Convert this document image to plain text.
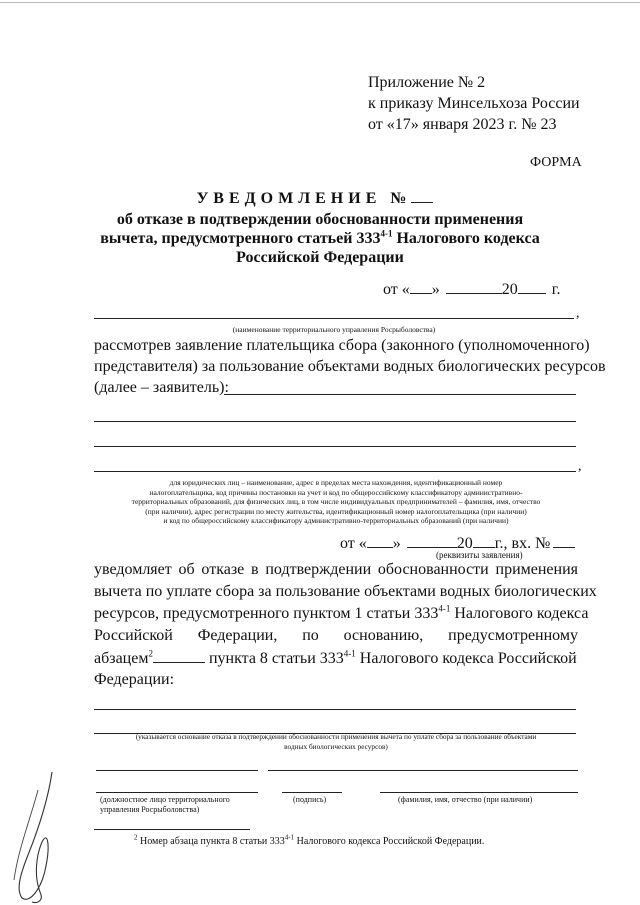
Приложение № 2
к приказу Минсельхоза России
от «17» января 2023 г. № 23
ФОРМА
УВЕДОМЛЕНИЕ №
об отказе в подтверждении обоснованности применения
вычета, предусмотренного статьей 333$^{4-1}$ Налогового кодекса
Российской Федерации
от « »	20 г.
,
(наименование территориального управления Росрыболовства)
рассмотрев заявление плательщика сбора (законного (уполномоченного)
представителя) за пользование объектами водных биологических ресурсов
(далее – заявитель):
,
для юридических лиц – наименование, адрес в пределах места нахождения, идентификационный номер
налогоплательщика, код причины постановки на учет и код по общероссийскому классификатору административно-
территориальных образований, для физических лиц, в том числе индивидуальных предпринимателей – фамилия, имя, отчество
(при наличии), адрес регистрации по месту жительства, идентификационный номер налогоплательщика (при наличии)
и код по общероссийскому классификатору административно-территориальных образований (при наличии)
от « »	20 г., вх. №
(реквизиты заявления)
уведомляет об отказе в подтверждении обоснованности применения
вычета по уплате сбора за пользование объектами водных биологических
ресурсов, предусмотренного пунктом 1 статьи 333 $^{4-1}$ Налогового кодекса
Российской Федерации, по основанию, предусмотренному
абзацем$^2$	пункта 8 статьи 333$^{4-1}$ Налогового кодекса Российской
Федерации:
(указывается основание отказа в подтверждении обоснованности применения вычета по уплате сбора за пользование объектами
водных биологических ресурсов)
(должностное лицо территориального
управления Росрыболовства)
(подпись)	(фамилия, имя, отчество (при наличии)
$^2$ Номер абзаца пункта 8 статьи 333$^{4-1}$ Налогового кодекса Российской Федерации.
